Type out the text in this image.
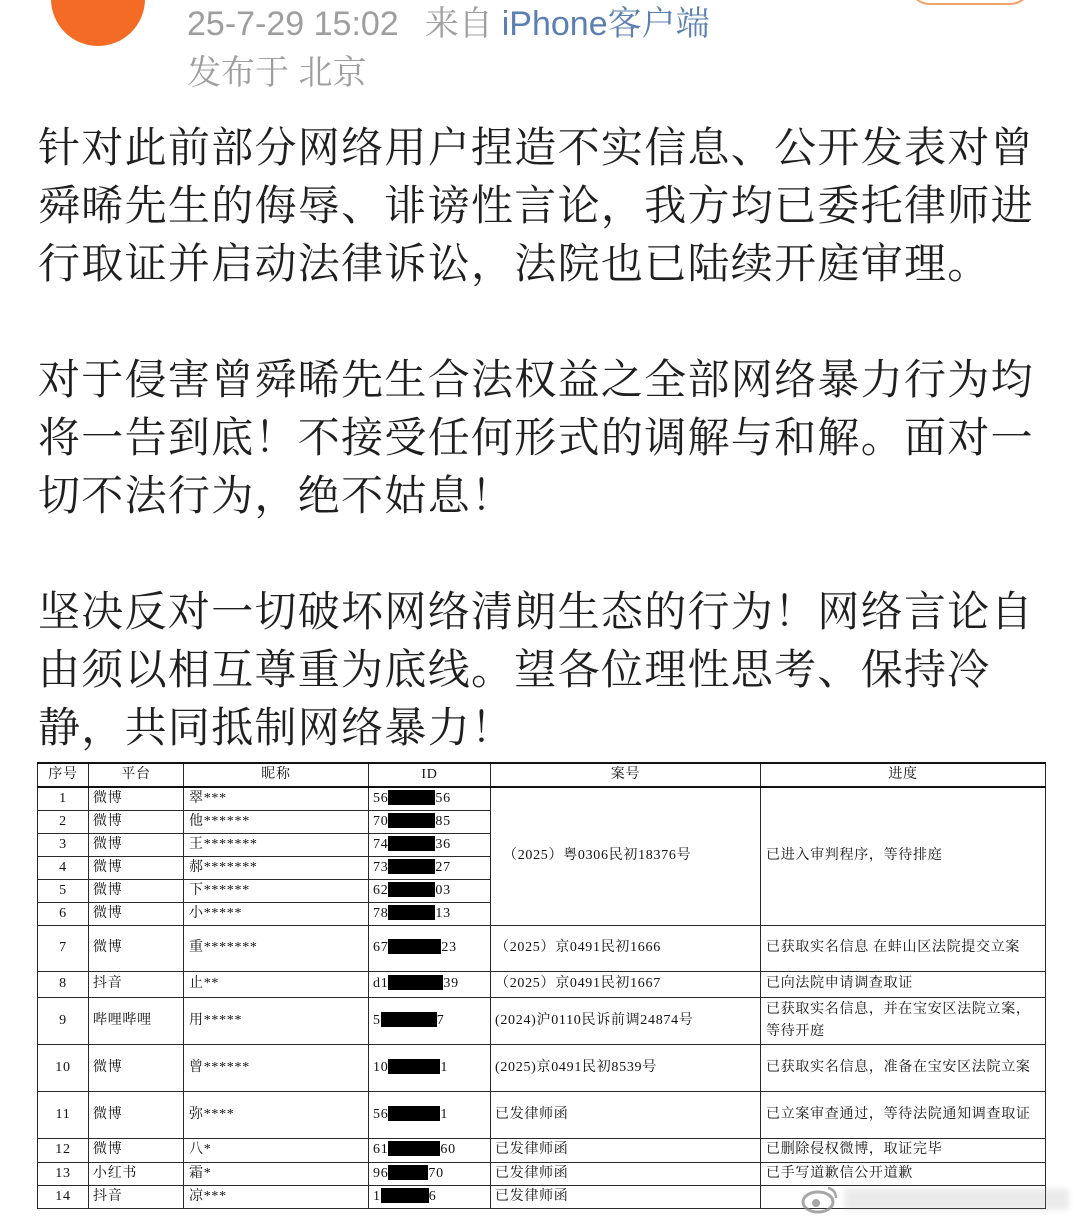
25-7-29 15:02 来自 iPhone客户端
发布于 北京

针对此前部分网络用户捏造不实信息、公开发表对曾舜晞先生的侮辱、诽谤性言论，我方均已委托律师进行取证并启动法律诉讼，法院也已陆续开庭审理。

对于侵害曾舜晞先生合法权益之全部网络暴力行为均将一告到底！不接受任何形式的调解与和解。面对一切不法行为，绝不姑息！

坚决反对一切破坏网络清朗生态的行为！网络言论自由须以相互尊重为底线。望各位理性思考、保持冷静，共同抵制网络暴力！

序号	平台	昵称	ID	案号	进度
1	微博	翠***	56 56	（2025）粤0306民初18376号	已进入审判程序，等待排庭
2	微博	他******	70 85		
3	微博	王*******	74 36		
4	微博	郝*******	73 27		
5	微博	下******	62 03		
6	微博	小*****	78 13		
7	微博	重*******	67 23	（2025）京0491民初1666	已获取实名信息 在蚌山区法院提交立案
8	抖音	止**	d1 39	（2025）京0491民初1667	已向法院申请调查取证
9	哔哩哔哩	用*****	5 7	(2024)沪0110民诉前调24874号	已获取实名信息，并在宝安区法院立案，等待开庭
10	微博	曾******	10 1	(2025)京0491民初8539号	已获取实名信息，准备在宝安区法院立案
11	微博	弥****	56 1	已发律师函	已立案审查通过，等待法院通知调查取证
12	微博	八*	61 60	已发律师函	已删除侵权微博，取证完毕
13	小红书	霜*	96 70	已发律师函	已手写道歉信公开道歉
14	抖音	凉***	1 6	已发律师函	
